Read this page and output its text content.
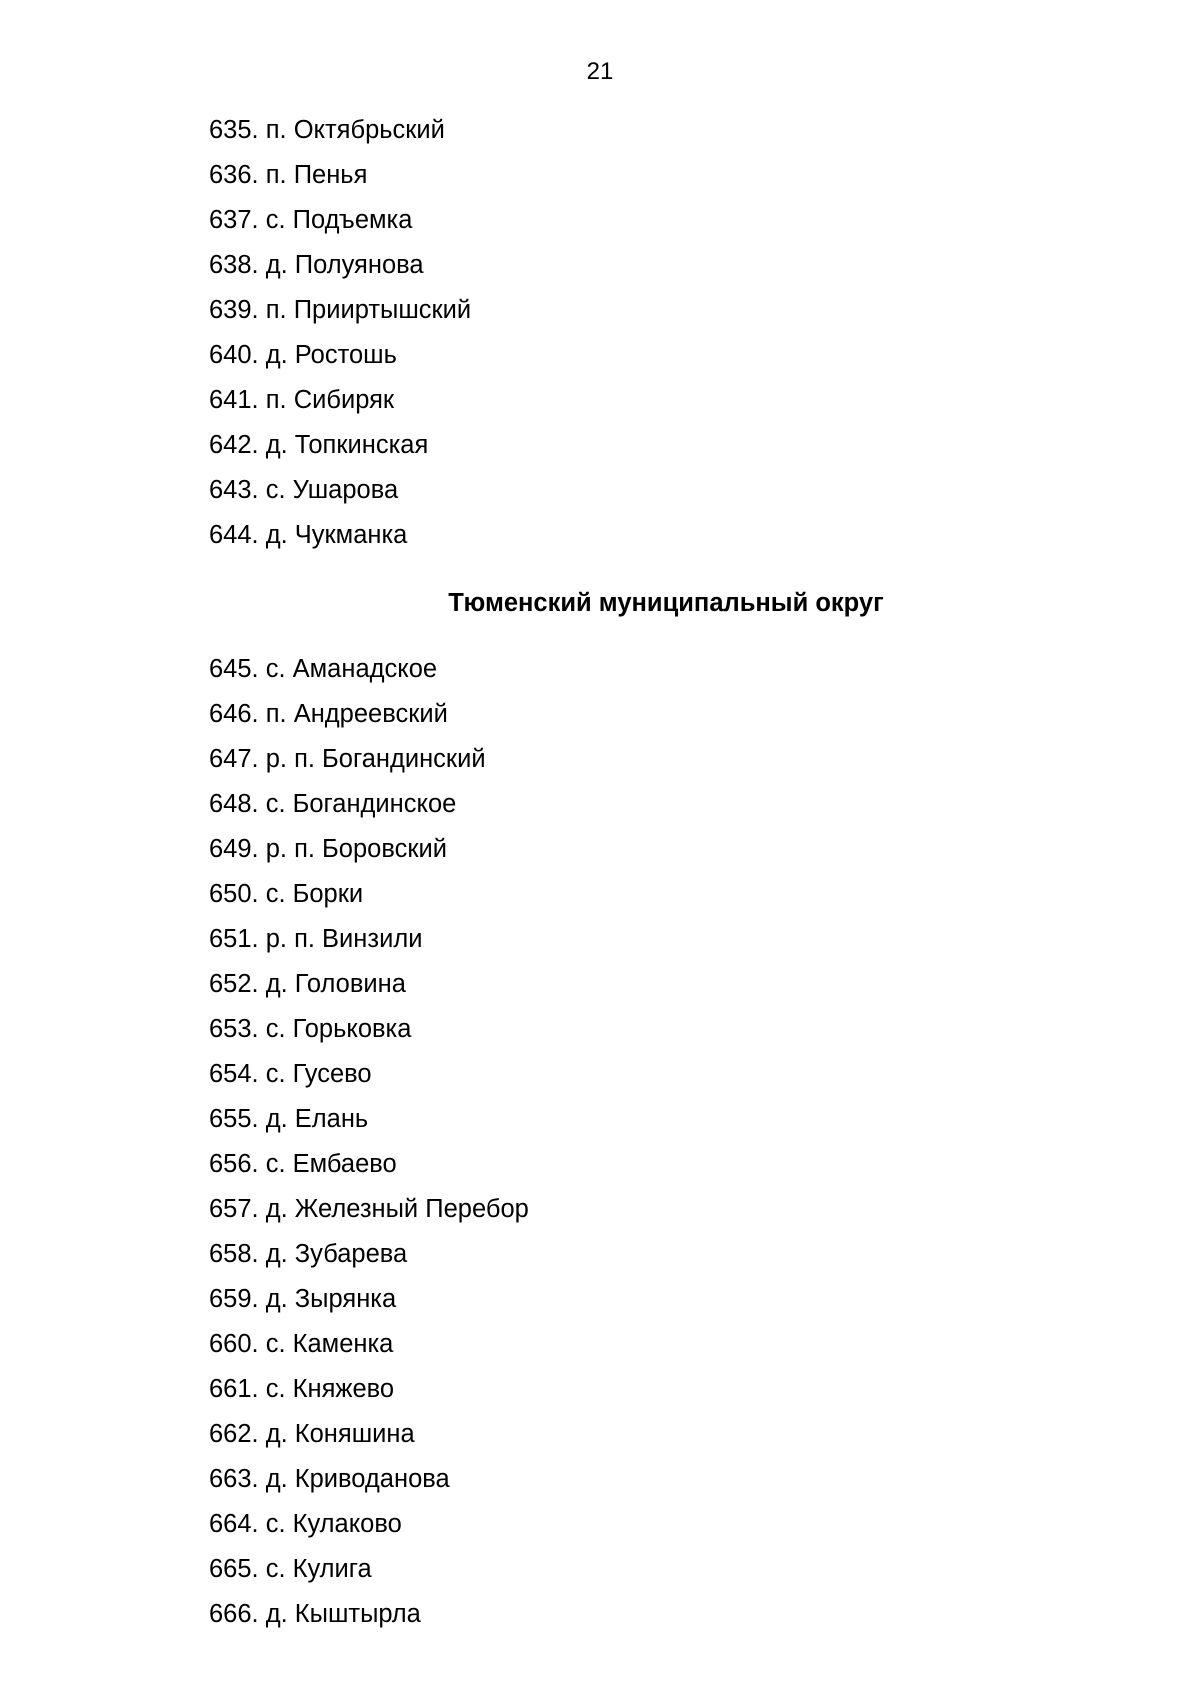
21
635. п. Октябрьский
636. п. Пенья
637. с. Подъемка
638. д. Полуянова
639. п. Прииртышский
640. д. Ростошь
641. п. Сибиряк
642. д. Топкинская
643. с. Ушарова
644. д. Чукманка
Тюменский муниципальный округ
645. с. Аманадское
646. п. Андреевский
647. р. п. Богандинский
648. с. Богандинское
649. р. п. Боровский
650. с. Борки
651. р. п. Винзили
652. д. Головина
653. с. Горьковка
654. с. Гусево
655. д. Елань
656. с. Ембаево
657. д. Железный Перебор
658. д. Зубарева
659. д. Зырянка
660. с. Каменка
661. с. Княжево
662. д. Коняшина
663. д. Криводанова
664. с. Кулаково
665. с. Кулига
666. д. Кыштырла
